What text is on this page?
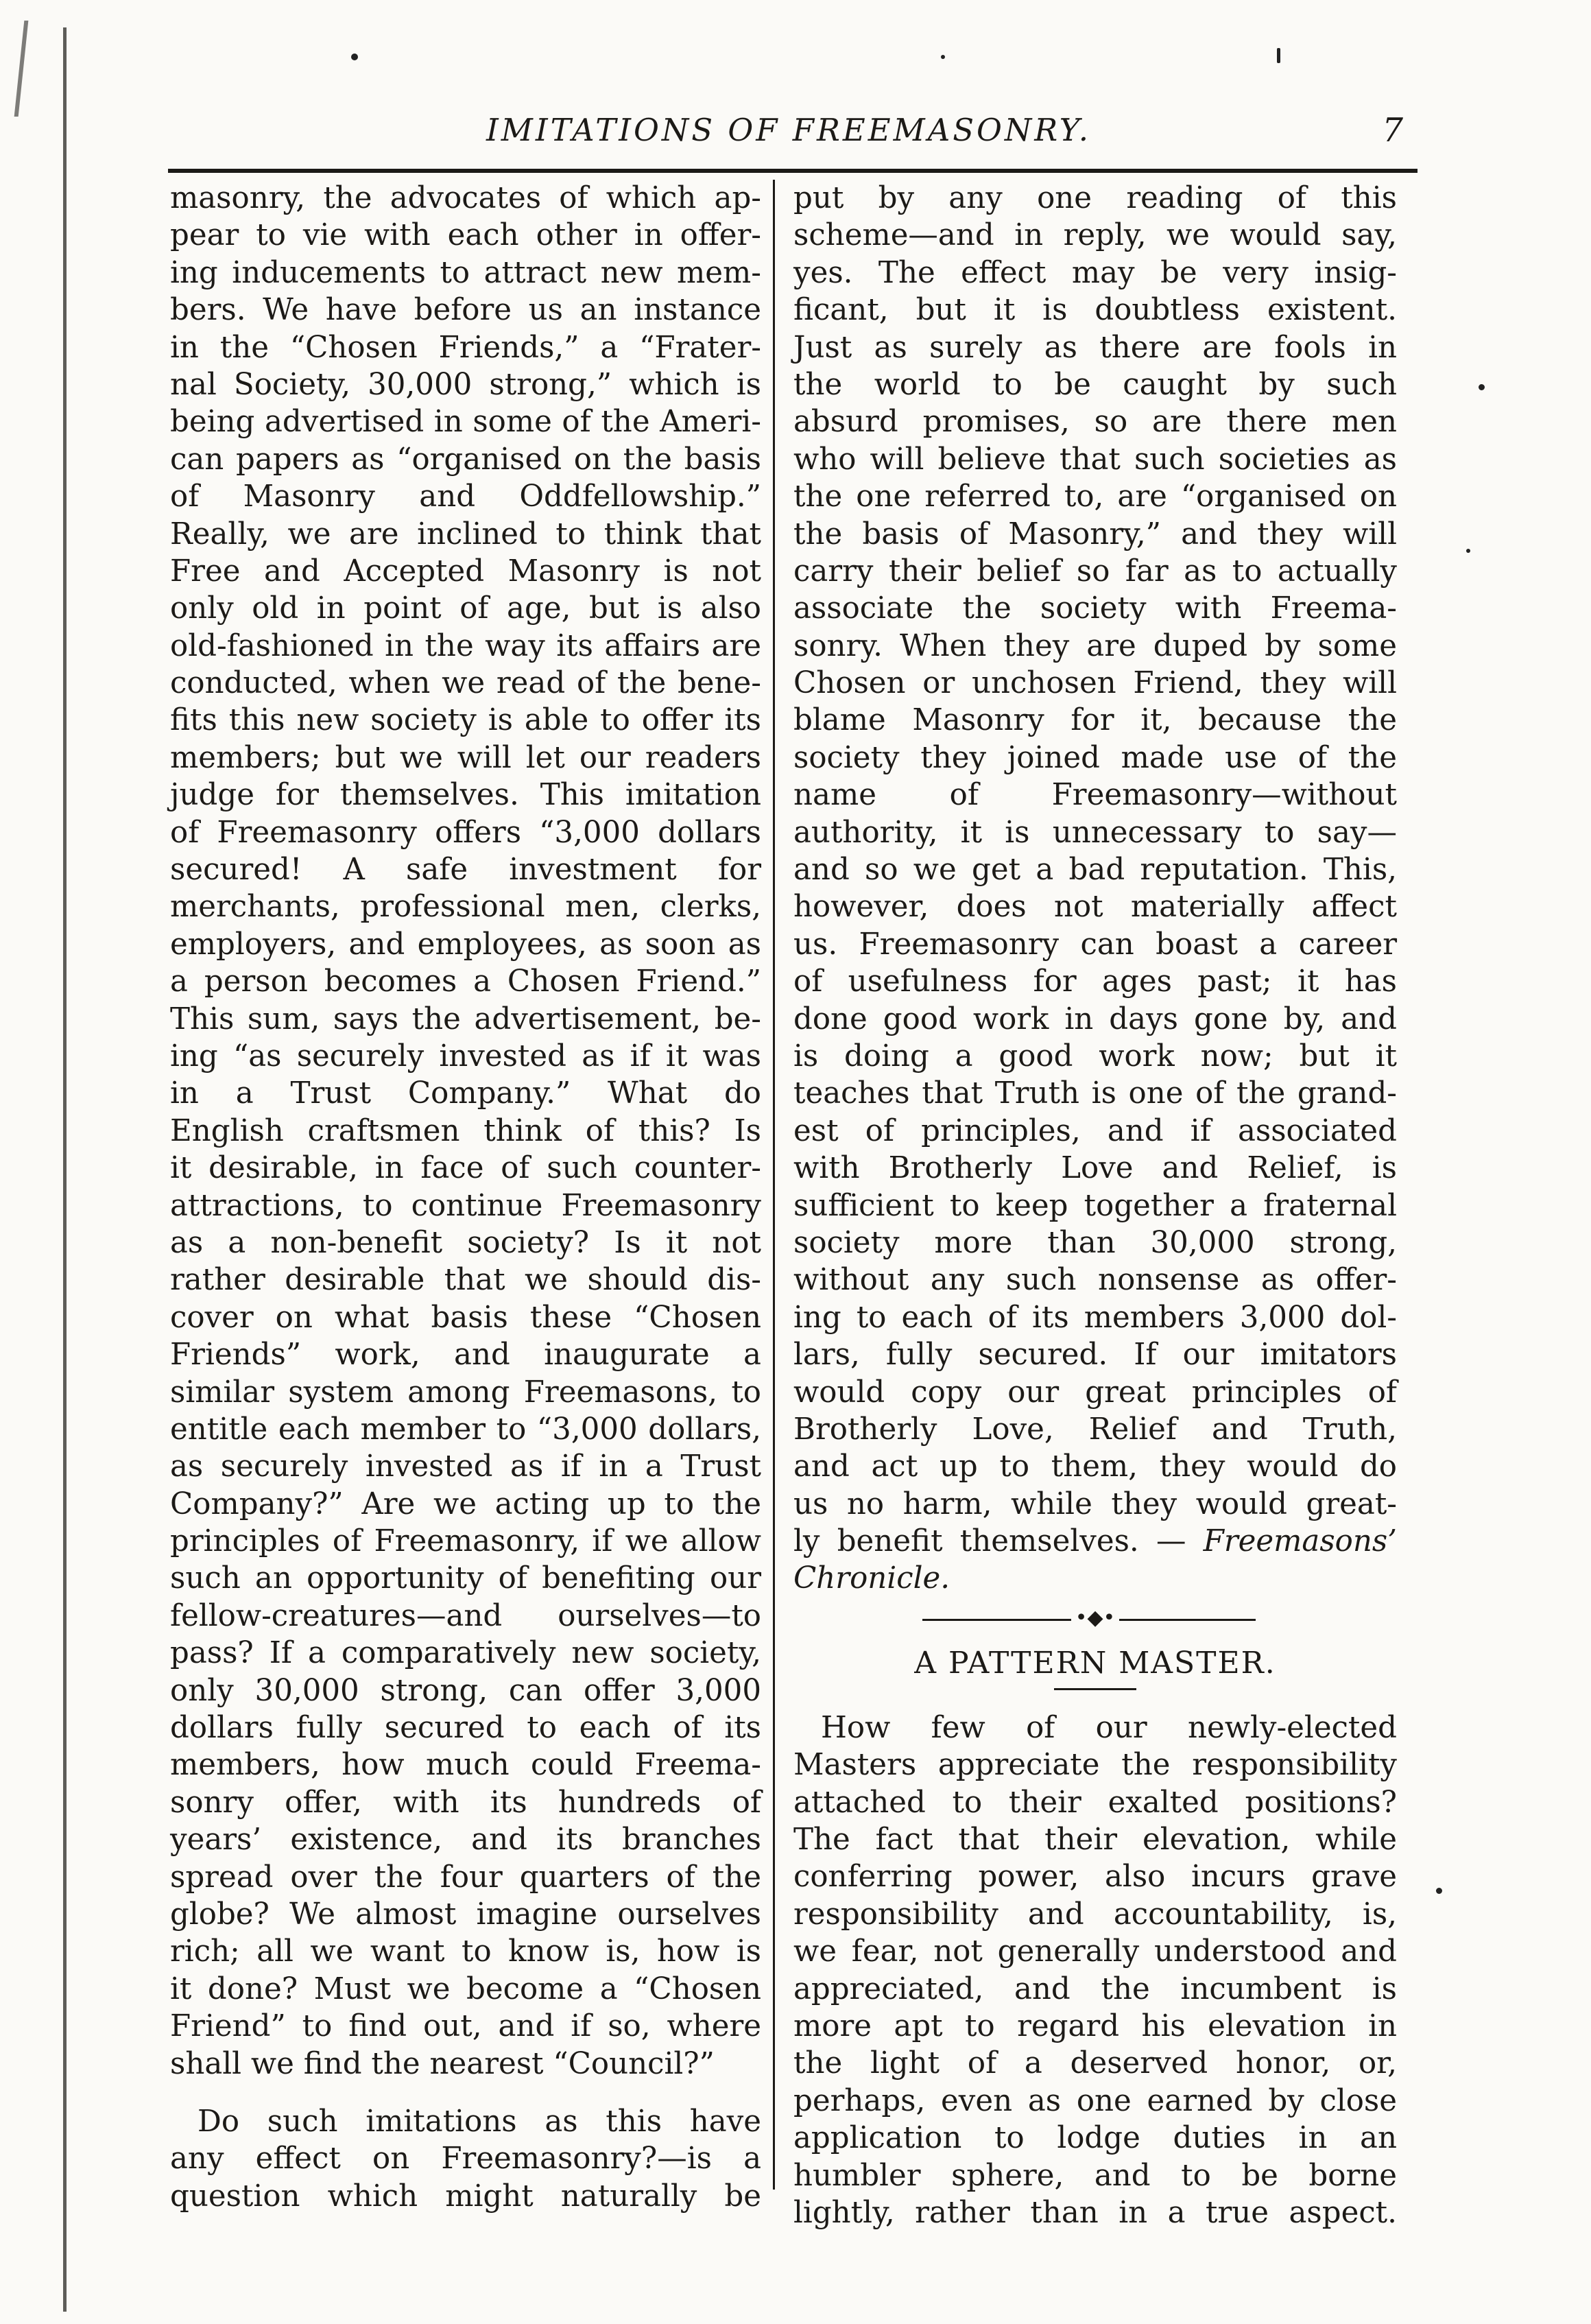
IMITATIONS OF FREEMASONRY.	7
masonry, the advocates of which ap-
pear to vie with each other in offer-
ing inducements to attract new mem-
bers. We have before us an instance
in the “Chosen Friends,” a “Frater-
nal Society, 30,000 strong,” which is
being advertised in some of the Ameri-
can papers as “organised on the basis
of Masonry and Oddfellowship.”
Really, we are inclined to think that
Free and Accepted Masonry is not
only old in point of age, but is also
old-fashioned in the way its affairs are
conducted, when we read of the bene-
fits this new society is able to offer its
members; but we will let our readers
judge for themselves. This imitation
of Freemasonry offers “3,000 dollars
secured! A safe investment for
merchants, professional men, clerks,
employers, and employees, as soon as
a person becomes a Chosen Friend.”
This sum, says the advertisement, be-
ing “as securely invested as if it was
in a Trust Company.” What do
English craftsmen think of this? Is
it desirable, in face of such counter-
attractions, to continue Freemasonry
as a non-benefit society? Is it not
rather desirable that we should dis-
cover on what basis these “Chosen
Friends” work, and inaugurate a
similar system among Freemasons, to
entitle each member to “3,000 dollars,
as securely invested as if in a Trust
Company?” Are we acting up to the
principles of Freemasonry, if we allow
such an opportunity of benefiting our
fellow-creatures—and ourselves—to
pass? If a comparatively new society,
only 30,000 strong, can offer 3,000
dollars fully secured to each of its
members, how much could Freema-
sonry offer, with its hundreds of
years’ existence, and its branches
spread over the four quarters of the
globe? We almost imagine ourselves
rich; all we want to know is, how is
it done? Must we become a “Chosen
Friend” to find out, and if so, where
shall we find the nearest “Council?”
Do such imitations as this have
any effect on Freemasonry?—is a
question which might naturally be
put by any one reading of this
scheme—and in reply, we would say,
yes. The effect may be very insig-
ficant, but it is doubtless existent.
Just as surely as there are fools in
the world to be caught by such
absurd promises, so are there men
who will believe that such societies as
the one referred to, are “organised on
the basis of Masonry,” and they will
carry their belief so far as to actually
associate the society with Freema-
sonry. When they are duped by some
Chosen or unchosen Friend, they will
blame Masonry for it, because the
society they joined made use of the
name of Freemasonry—without
authority, it is unnecessary to say—
and so we get a bad reputation. This,
however, does not materially affect
us. Freemasonry can boast a career
of usefulness for ages past; it has
done good work in days gone by, and
is doing a good work now; but it
teaches that Truth is one of the grand-
est of principles, and if associated
with Brotherly Love and Relief, is
sufficient to keep together a fraternal
society more than 30,000 strong,
without any such nonsense as offer-
ing to each of its members 3,000 dol-
lars, fully secured. If our imitators
would copy our great principles of
Brotherly Love, Relief and Truth,
and act up to them, they would do
us no harm, while they would great-
ly benefit themselves. — Freemasons’
Chronicle.
•◆•
A PATTERN MASTER.
How few of our newly-elected
Masters appreciate the responsibility
attached to their exalted positions?
The fact that their elevation, while
conferring power, also incurs grave
responsibility and accountability, is,
we fear, not generally understood and
appreciated, and the incumbent is
more apt to regard his elevation in
the light of a deserved honor, or,
perhaps, even as one earned by close
application to lodge duties in an
humbler sphere, and to be borne
lightly, rather than in a true aspect.
